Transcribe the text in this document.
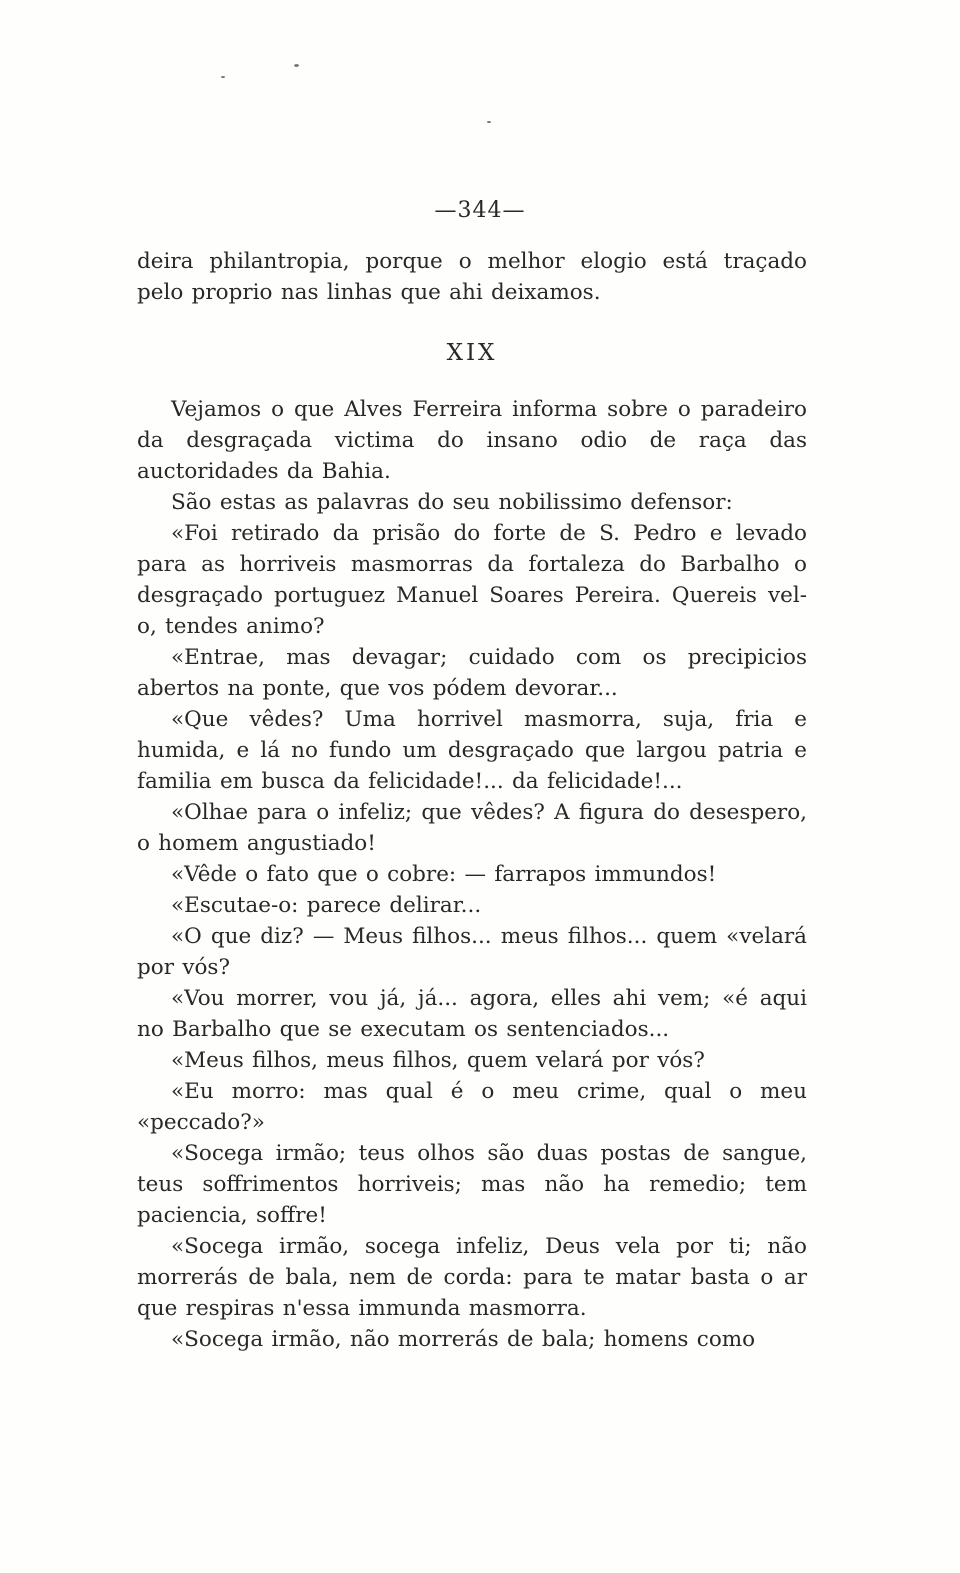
—344—

deira philantropia, porque o melhor elogio está traçado pelo proprio nas linhas que ahi deixamos.

XIX

Vejamos o que Alves Ferreira informa sobre o paradeiro da desgraçada victima do insano odio de raça das auctoridades da Bahia.

São estas as palavras do seu nobilissimo defensor:

«Foi retirado da prisão do forte de S. Pedro e levado para as horriveis masmorras da fortaleza do Barbalho o desgraçado portuguez Manuel Soares Pereira. Quereis vel-o, tendes animo?

«Entrae, mas devagar; cuidado com os precipicios abertos na ponte, que vos pódem devorar...

«Que vêdes? Uma horrivel masmorra, suja, fria e humida, e lá no fundo um desgraçado que largou patria e familia em busca da felicidade!... da felicidade!...

«Olhae para o infeliz; que vêdes? A figura do desespero, o homem angustiado!

«Vêde o fato que o cobre: — farrapos immundos!

«Escutae-o: parece delirar...

«O que diz? — Meus filhos... meus filhos... quem «velará por vós?

«Vou morrer, vou já, já... agora, elles ahi vem; «é aqui no Barbalho que se executam os sentenciados...

«Meus filhos, meus filhos, quem velará por vós?

«Eu morro: mas qual é o meu crime, qual o meu «peccado?»

«Socega irmão; teus olhos são duas postas de sangue, teus soffrimentos horriveis; mas não ha remedio; tem paciencia, soffre!

«Socega irmão, socega infeliz, Deus vela por ti; não morrerás de bala, nem de corda: para te matar basta o ar que respiras n'essa immunda masmorra.

«Socega irmão, não morrerás de bala; homens como
